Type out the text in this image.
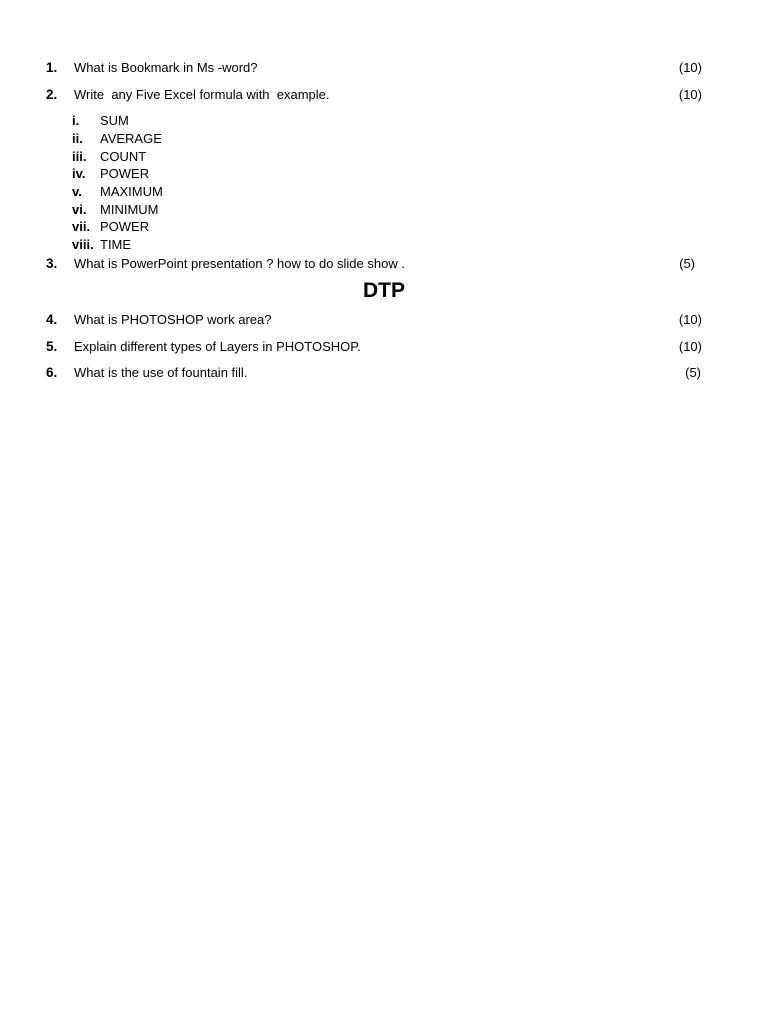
1. What is Bookmark in Ms -word?	(10)
2. Write  any Five Excel formula with  example.	(10)
i. SUM
ii. AVERAGE
iii. COUNT
iv. POWER
v. MAXIMUM
vi. MINIMUM
vii. POWER
viii. TIME
3. What is PowerPoint presentation ? how to do slide show .	(5)
DTP
4. What is PHOTOSHOP work area?	(10)
5. Explain different types of Layers in PHOTOSHOP.	(10)
6. What is the use of fountain fill.	(5)
